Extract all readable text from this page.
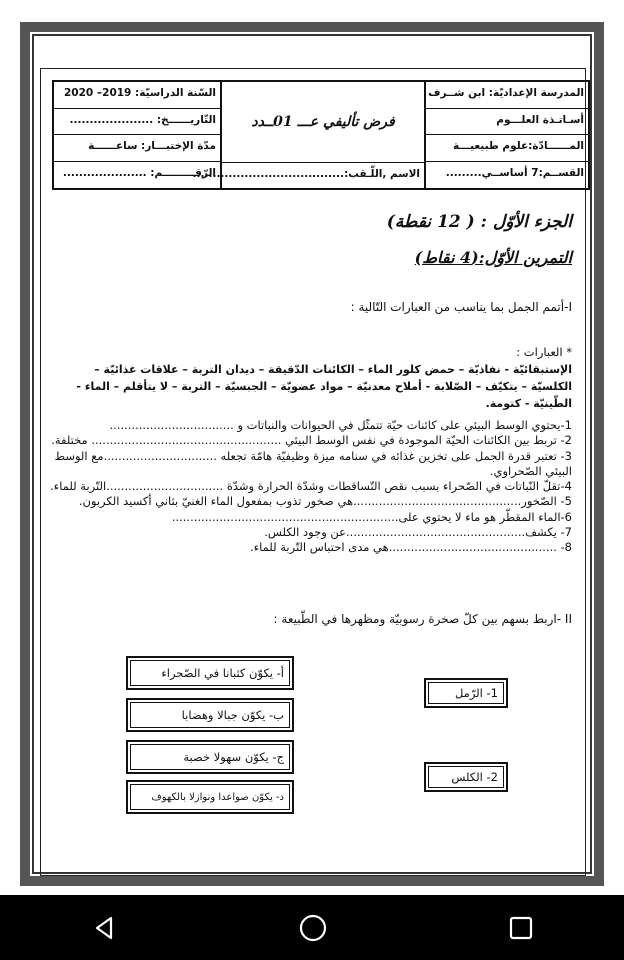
المدرسة الإعداديّة: ابن شــرف
أسـاتـذة العلـــوم
المــــــادّة:علوم طبيعيـــة
القســم:7 أساســي.........
فرض تأليفي عـــ 01ــدد
الاسم ,اللّـقب:......................................
السّنة الدراسيّة: 2019– 2020
التّاريــــــخ: .....................
مدّة الإختبـــار: ساعــــــة
الرّقـــــــــم: .....................
الجزء الأوّل : ( 12 نقطة)
التمرين الأوّل:(4 نقاط)
I-أتمم الجمل بما يناسب من العبارات التّالية :
* العبارات :
الإستبقائيّة - نفاذيّة – حمض كلور الماء – الكائنات الدّقيقة – ديدان التربة – علاقات غذائيّة – الكلسيّة – يتكيّف – الصّلابة - أملاح معدنيّة – مواد عضويّة – الجبسيّة – التربة – لا يتأقلم – الماء - الطّينيّة - كتومة.
1-يحتوي الوسط البيئي على كائنات حيّة تتمثّل في الحيوانات والنباتات و ..................................
2- تربط بين الكائنات الحيّة الموجودة في نفس الوسط البيئي .................................................... مختلفة.
3- تعتبر قدرة الجمل على تخزين غذائه في سنامه ميزة وظيفيّة هامّة تجعله ...............................مع الوسط
البيئي الصّحراوي.
4-تقلّ النّباتات في الصّحراء بسبب نقص التّساقطات وشدّة الحرارة وشدّة ................................التّربة للماء.
5- الصّخور..............................................هي صخور تذوب بمفعول الماء الغنيّ بثاني أكسيد الكربون.
6-الماء المقطّر هو ماء لا يحتوي على..............................................................
7- يكشف.................................................عن وجود الكلس.
8- ..............................................هي مدى احتباس التّربة للماء.
II -اربط بسهم بين كلّ صخرة رسوبيّة ومظهرها في الطّبيعة :
1- الرّمل
2- الكلس
أ- يكوّن كثبانا في الصّحراء
ب- يكوّن جبالا وهضابا
ج- يكوّن سهولا خصبة
د- يكوّن صواعدا ونوازلا بالكهوف
